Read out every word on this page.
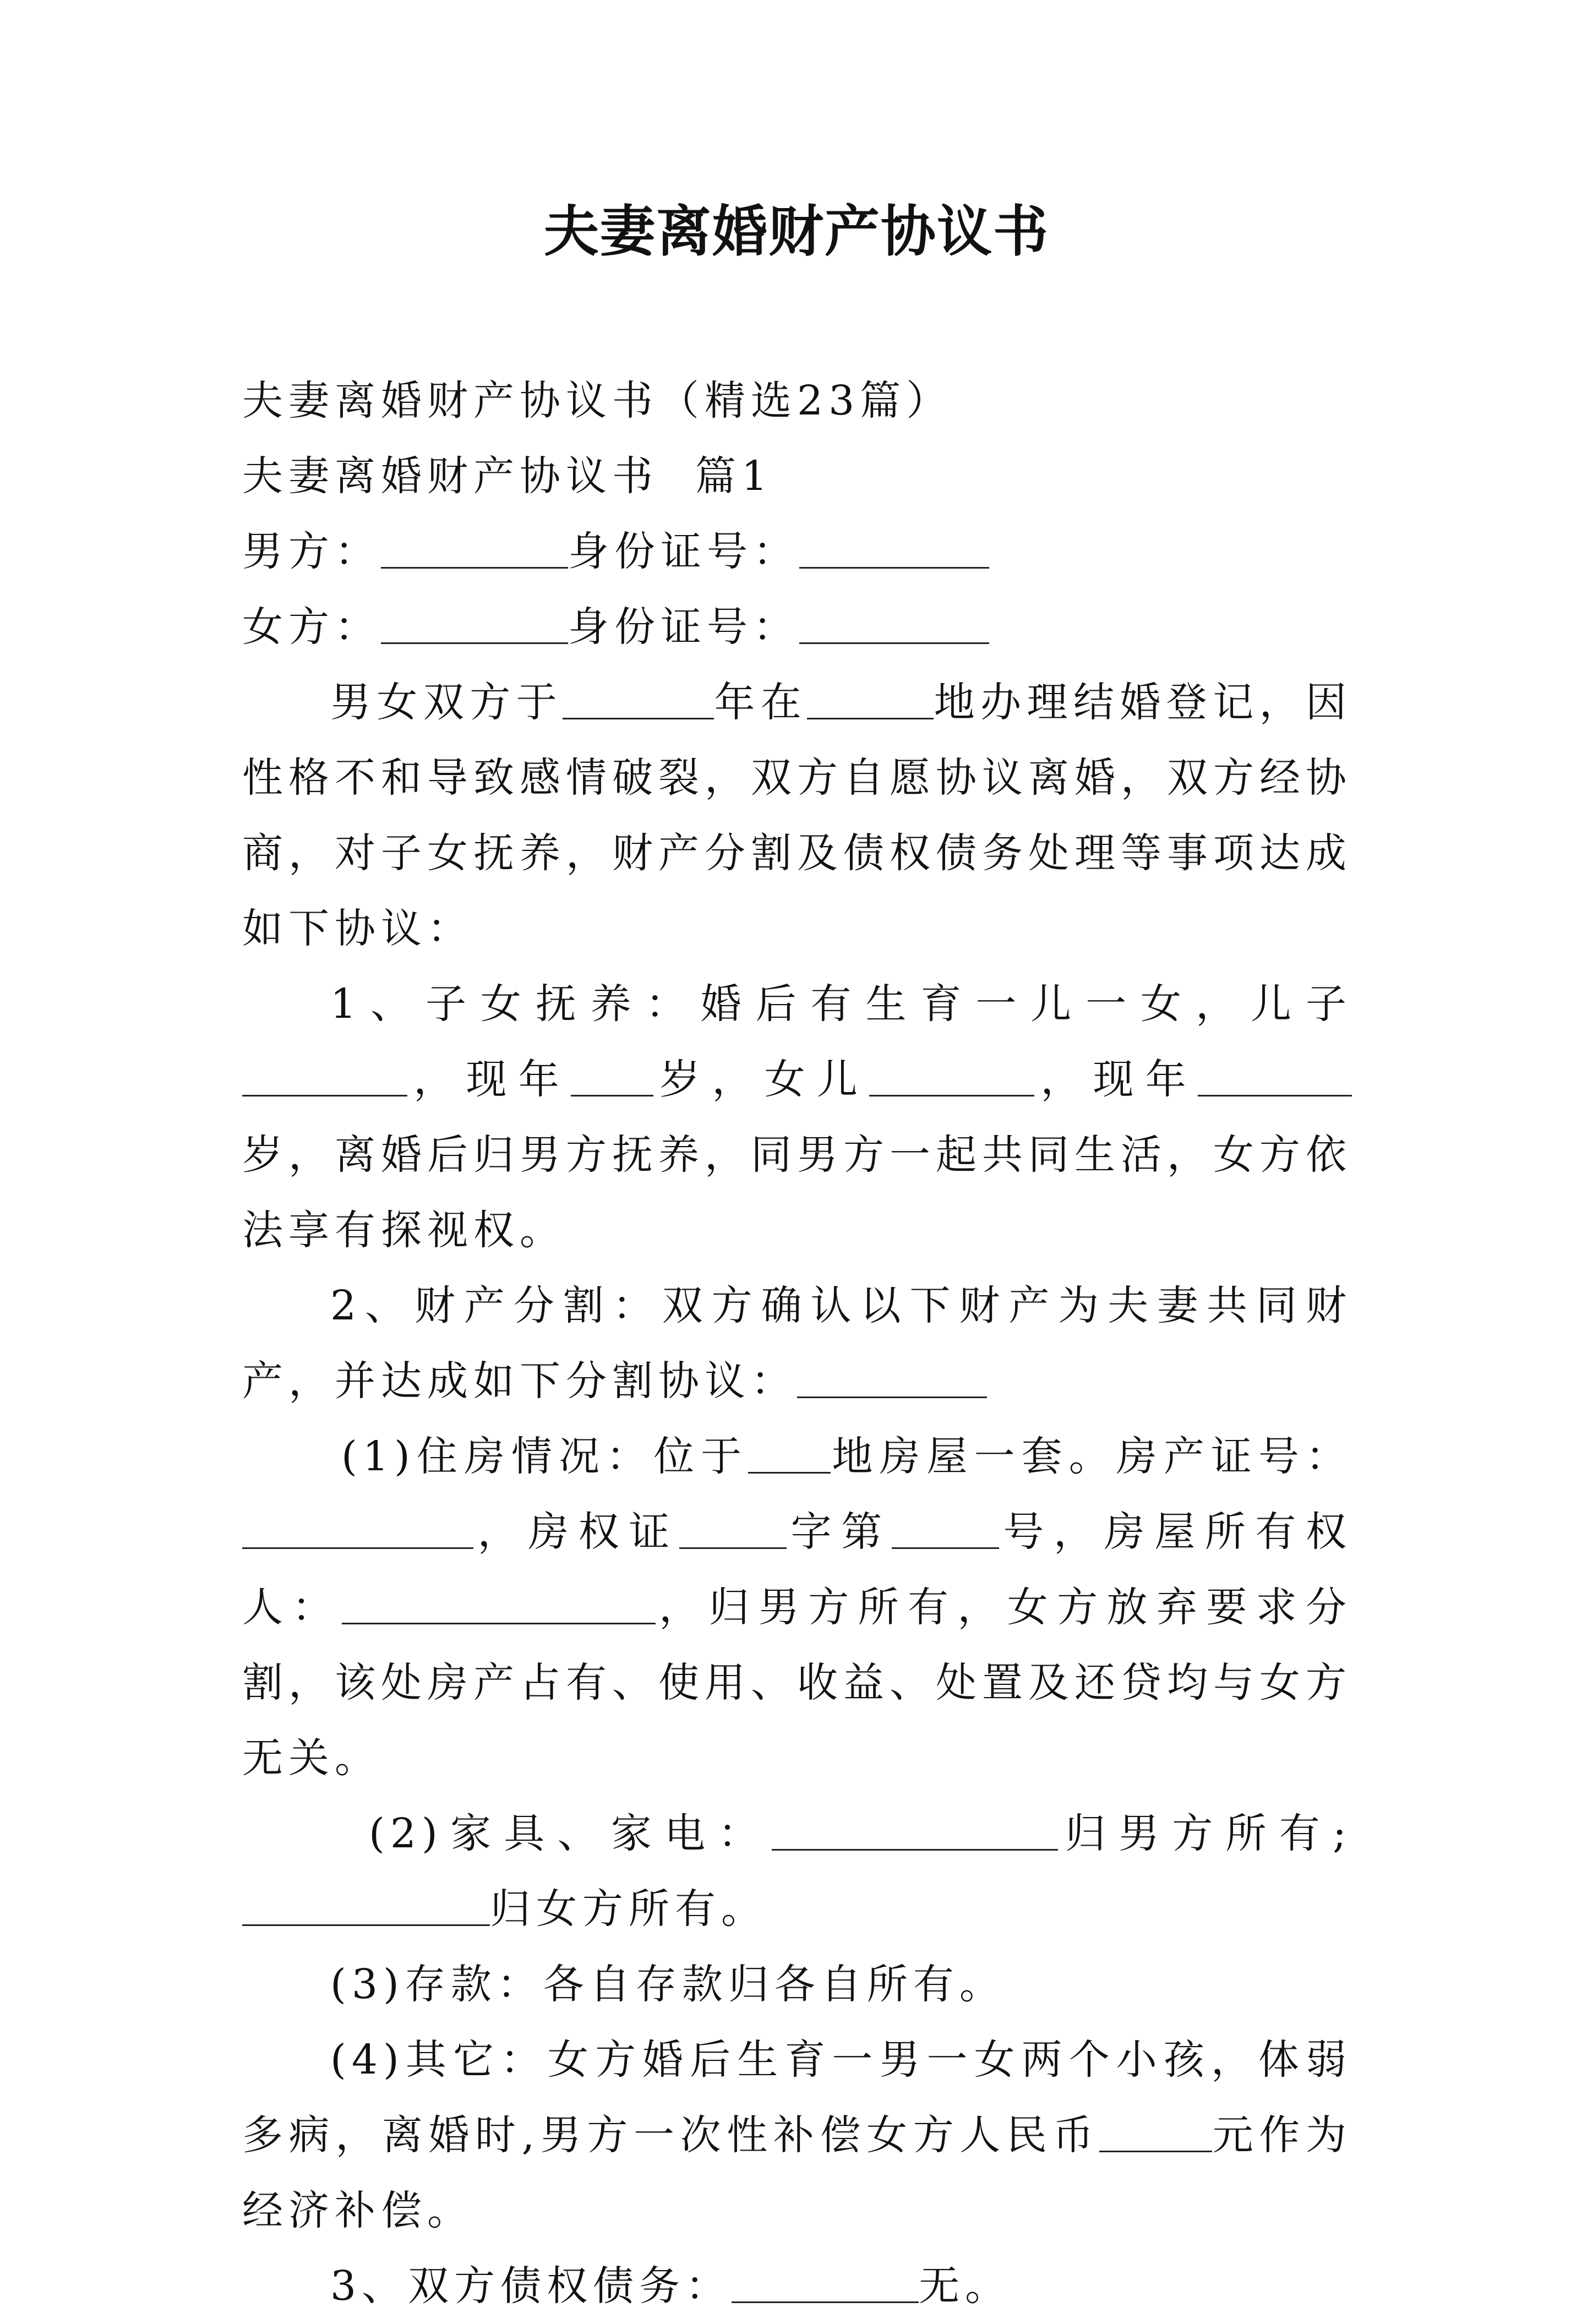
夫妻离婚财产协议书

夫妻离婚财产协议书（精选23篇）

夫妻离婚财产协议书  篇1

男方：	身份证号：

女方：	身份证号：

男女双方于	年在	地办理结婚登记，因性格不和导致感情破裂，双方自愿协议离婚，双方经协商，对子女抚养，财产分割及债权债务处理等事项达成如下协议：

1、子女抚养：婚后有生育一儿一女，儿子，现年 岁，女儿	，现年岁，离婚后归男方抚养，同男方一起共同生活，女方依法享有探视权。

2、财产分割：双方确认以下财产为夫妻共同财产，并达成如下分割协议：

(1)住房情况：位于 地房屋一套。房产证号：，房权证	字第	号，房屋所有权人：	，归男方所有，女方放弃要求分割，该处房产占有、使用、收益、处置及还贷均与女方无关。

(2)家具、家电：	归男方所有;归女方所有。

(3)存款：各自存款归各自所有。

(4)其它：女方婚后生育一男一女两个小孩，体弱多病，离婚时,男方一次性补偿女方人民币	元作为经济补偿。

3、双方债权债务：	无。
